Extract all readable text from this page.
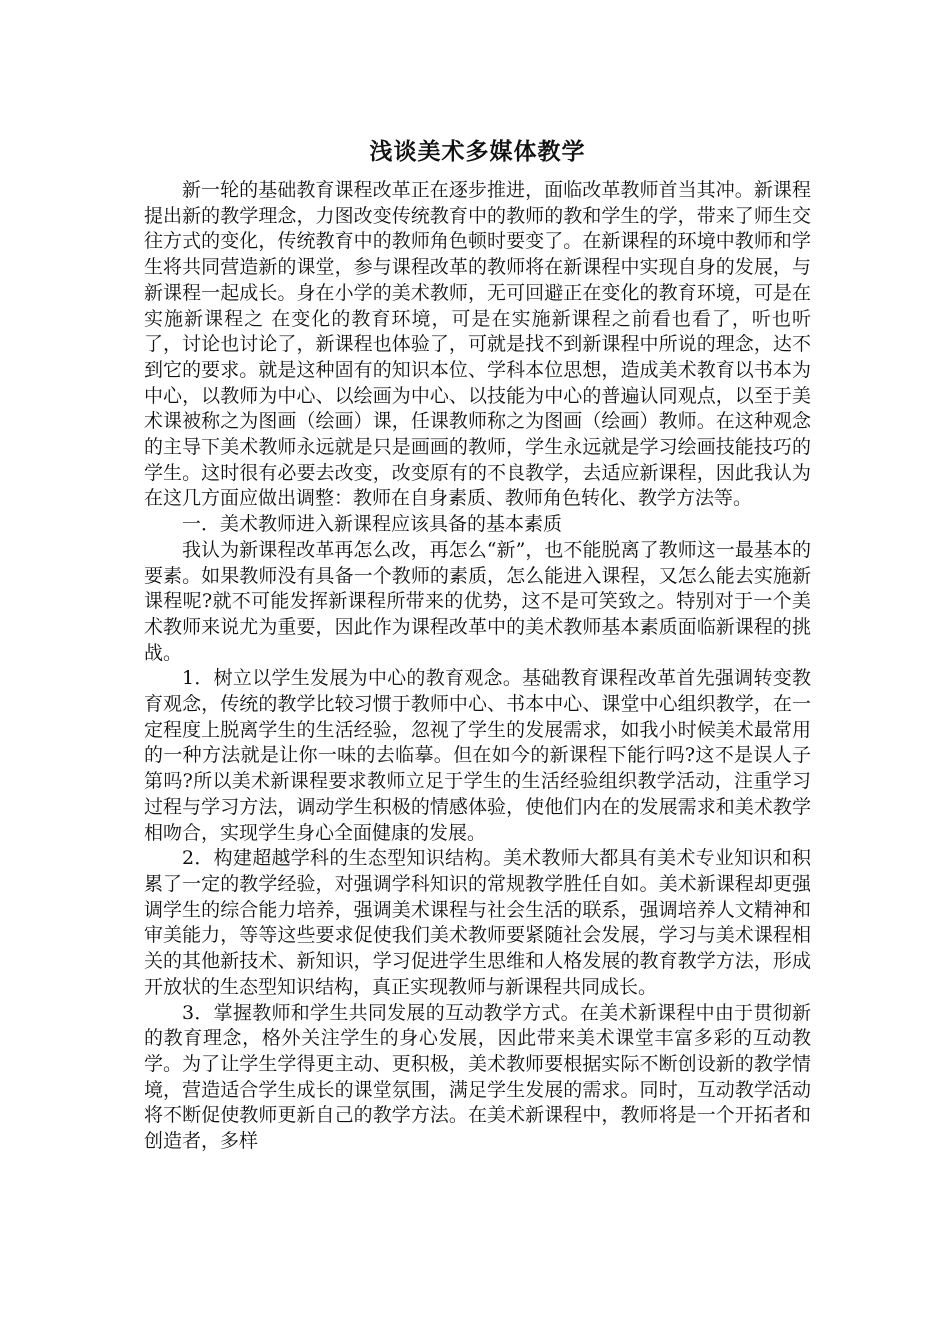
浅谈美术多媒体教学

新一轮的基础教育课程改革正在逐步推进，面临改革教师首当其冲。新课程提出新的教学理念，力图改变传统教育中的教师的教和学生的学，带来了师生交往方式的变化，传统教育中的教师角色顿时要变了。在新课程的环境中教师和学生将共同营造新的课堂，参与课程改革的教师将在新课程中实现自身的发展，与新课程一起成长。身在小学的美术教师，无可回避正在变化的教育环境，可是在实施新课程之 在变化的教育环境，可是在实施新课程之前看也看了，听也听了，讨论也讨论了，新课程也体验了，可就是找不到新课程中所说的理念，达不到它的要求。就是这种固有的知识本位、学科本位思想，造成美术教育以书本为中心，以教师为中心、以绘画为中心、以技能为中心的普遍认同观点，以至于美术课被称之为图画（绘画）课，任课教师称之为图画（绘画）教师。在这种观念的主导下美术教师永远就是只是画画的教师，学生永远就是学习绘画技能技巧的学生。这时很有必要去改变，改变原有的不良教学，去适应新课程，因此我认为在这几方面应做出调整：教师在自身素质、教师角色转化、教学方法等。

一．美术教师进入新课程应该具备的基本素质

我认为新课程改革再怎么改，再怎么“新”，也不能脱离了教师这一最基本的要素。如果教师没有具备一个教师的素质，怎么能进入课程，又怎么能去实施新课程呢?就不可能发挥新课程所带来的优势，这不是可笑致之。特别对于一个美术教师来说尤为重要，因此作为课程改革中的美术教师基本素质面临新课程的挑战。

1．树立以学生发展为中心的教育观念。基础教育课程改革首先强调转变教育观念，传统的教学比较习惯于教师中心、书本中心、课堂中心组织教学，在一定程度上脱离学生的生活经验，忽视了学生的发展需求，如我小时候美术最常用的一种方法就是让你一味的去临摹。但在如今的新课程下能行吗?这不是误人子第吗?所以美术新课程要求教师立足于学生的生活经验组织教学活动，注重学习过程与学习方法，调动学生积极的情感体验，使他们内在的发展需求和美术教学相吻合，实现学生身心全面健康的发展。

2．构建超越学科的生态型知识结构。美术教师大都具有美术专业知识和积累了一定的教学经验，对强调学科知识的常规教学胜任自如。美术新课程却更强调学生的综合能力培养，强调美术课程与社会生活的联系，强调培养人文精神和审美能力，等等这些要求促使我们美术教师要紧随社会发展，学习与美术课程相关的其他新技术、新知识，学习促进学生思维和人格发展的教育教学方法，形成开放状的生态型知识结构，真正实现教师与新课程共同成长。

3．掌握教师和学生共同发展的互动教学方式。在美术新课程中由于贯彻新的教育理念，格外关注学生的身心发展，因此带来美术课堂丰富多彩的互动教学。为了让学生学得更主动、更积极，美术教师要根据实际不断创设新的教学情境，营造适合学生成长的课堂氛围，满足学生发展的需求。同时，互动教学活动将不断促使教师更新自己的教学方法。在美术新课程中，教师将是一个开拓者和创造者，多样
